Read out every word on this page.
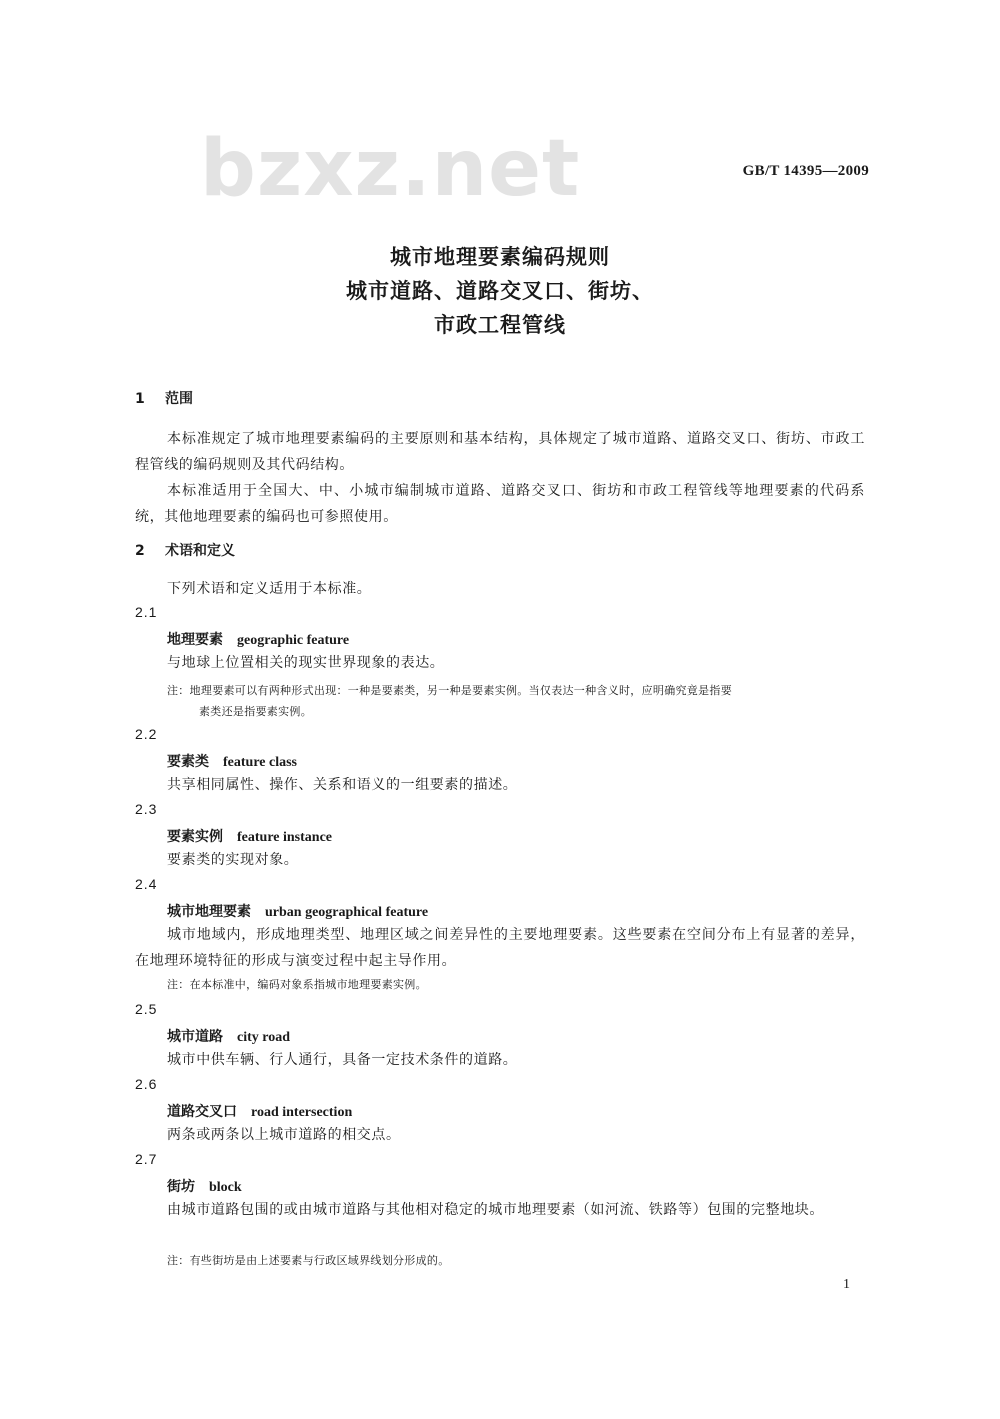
bzxz.net	GB/T 14395—2009
城市地理要素编码规则
城市道路、道路交叉口、街坊、
市政工程管线
1 范围
本标准规定了城市地理要素编码的主要原则和基本结构，具体规定了城市道路、道路交叉口、街坊、市政工程管线的编码规则及其代码结构。
本标准适用于全国大、中、小城市编制城市道路、道路交叉口、街坊和市政工程管线等地理要素的代码系统，其他地理要素的编码也可参照使用。
2 术语和定义
下列术语和定义适用于本标准。
2.1
地理要素 geographic feature
与地球上位置相关的现实世界现象的表达。
注：地理要素可以有两种形式出现：一种是要素类，另一种是要素实例。当仅表达一种含义时，应明确究竟是指要
素类还是指要素实例。
2.2
要素类 feature class
共享相同属性、操作、关系和语义的一组要素的描述。
2.3
要素实例 feature instance
要素类的实现对象。
2.4
城市地理要素 urban geographical feature
城市地域内，形成地理类型、地理区域之间差异性的主要地理要素。这些要素在空间分布上有显著的差异，在地理环境特征的形成与演变过程中起主导作用。
注：在本标准中，编码对象系指城市地理要素实例。
2.5
城市道路 city road
城市中供车辆、行人通行，具备一定技术条件的道路。
2.6
道路交叉口 road intersection
两条或两条以上城市道路的相交点。
2.7
街坊 block
由城市道路包围的或由城市道路与其他相对稳定的城市地理要素（如河流、铁路等）包围的完整地块。
注：有些街坊是由上述要素与行政区域界线划分形成的。
1
